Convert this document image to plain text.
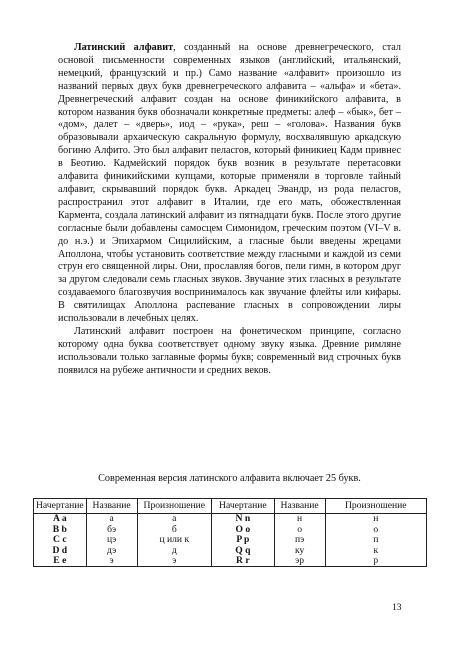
Латинский алфавит, созданный на основе древнегреческого, стал основой письменности современных языков (английский, итальянский, немецкий, французский и пр.) Само название «алфавит» произошло из названий первых двух букв древнегреческого алфавита – «альфа» и «бета». Древнегреческий алфавит создан на основе финикийского алфавита, в котором названия букв обозначали конкретные предметы: алеф – «бык», бет – «дом», далет – «дверь», иод – «рука», реш – «голова». Названия букв образовывали архаическую сакральную формулу, восхвалявшую аркадскую богиню Алфито. Это был алфавит пеласгов, который финикиец Кадм привнес в Беотию. Кадмейский порядок букв возник в результате перетасовки алфавита финикийскими купцами, которые применяли в торговле тайный алфавит, скрывавший порядок букв. Аркадец Эвандр, из рода пеласгов, распространил этот алфавит в Италии, где его мать, обожествленная Кармента, создала латинский алфавит из пятнадцати букв. После этого другие согласные были добавлены самосцем Симонидом, греческим поэтом (VI–V в. до н.э.) и Эпихармом Сицилийским, а гласные были введены жрецами Аполлона, чтобы установить соответствие между гласными и каждой из семи струн его священной лиры. Они, прославляя богов, пели гимн, в котором друг за другом следовали семь гласных звуков. Звучание этих гласных в результате создаваемого благозвучия воспринималось как звучание флейты или кифары. В святилищах Аполлона распевание гласных в сопровождении лиры использовали в лечебных целях.

Латинский алфавит построен на фонетическом принципе, согласно которому одна буква соответствует одному звуку языка. Древние римляне использовали только заглавные формы букв; современный вид строчных букв появился на рубеже античности и средних веков.

Современная версия латинского алфавита включает 25 букв.
Начертание	Название	Произношение	Начертание	Название	Произношение
A a	a	a	N n	н	н
B b	бэ	б	O o	о	о
C c	цэ	ц или к	P p	пэ	п
D d	дэ	д	Q q	ку	к
E e	э	э	R r	эр	р
13
